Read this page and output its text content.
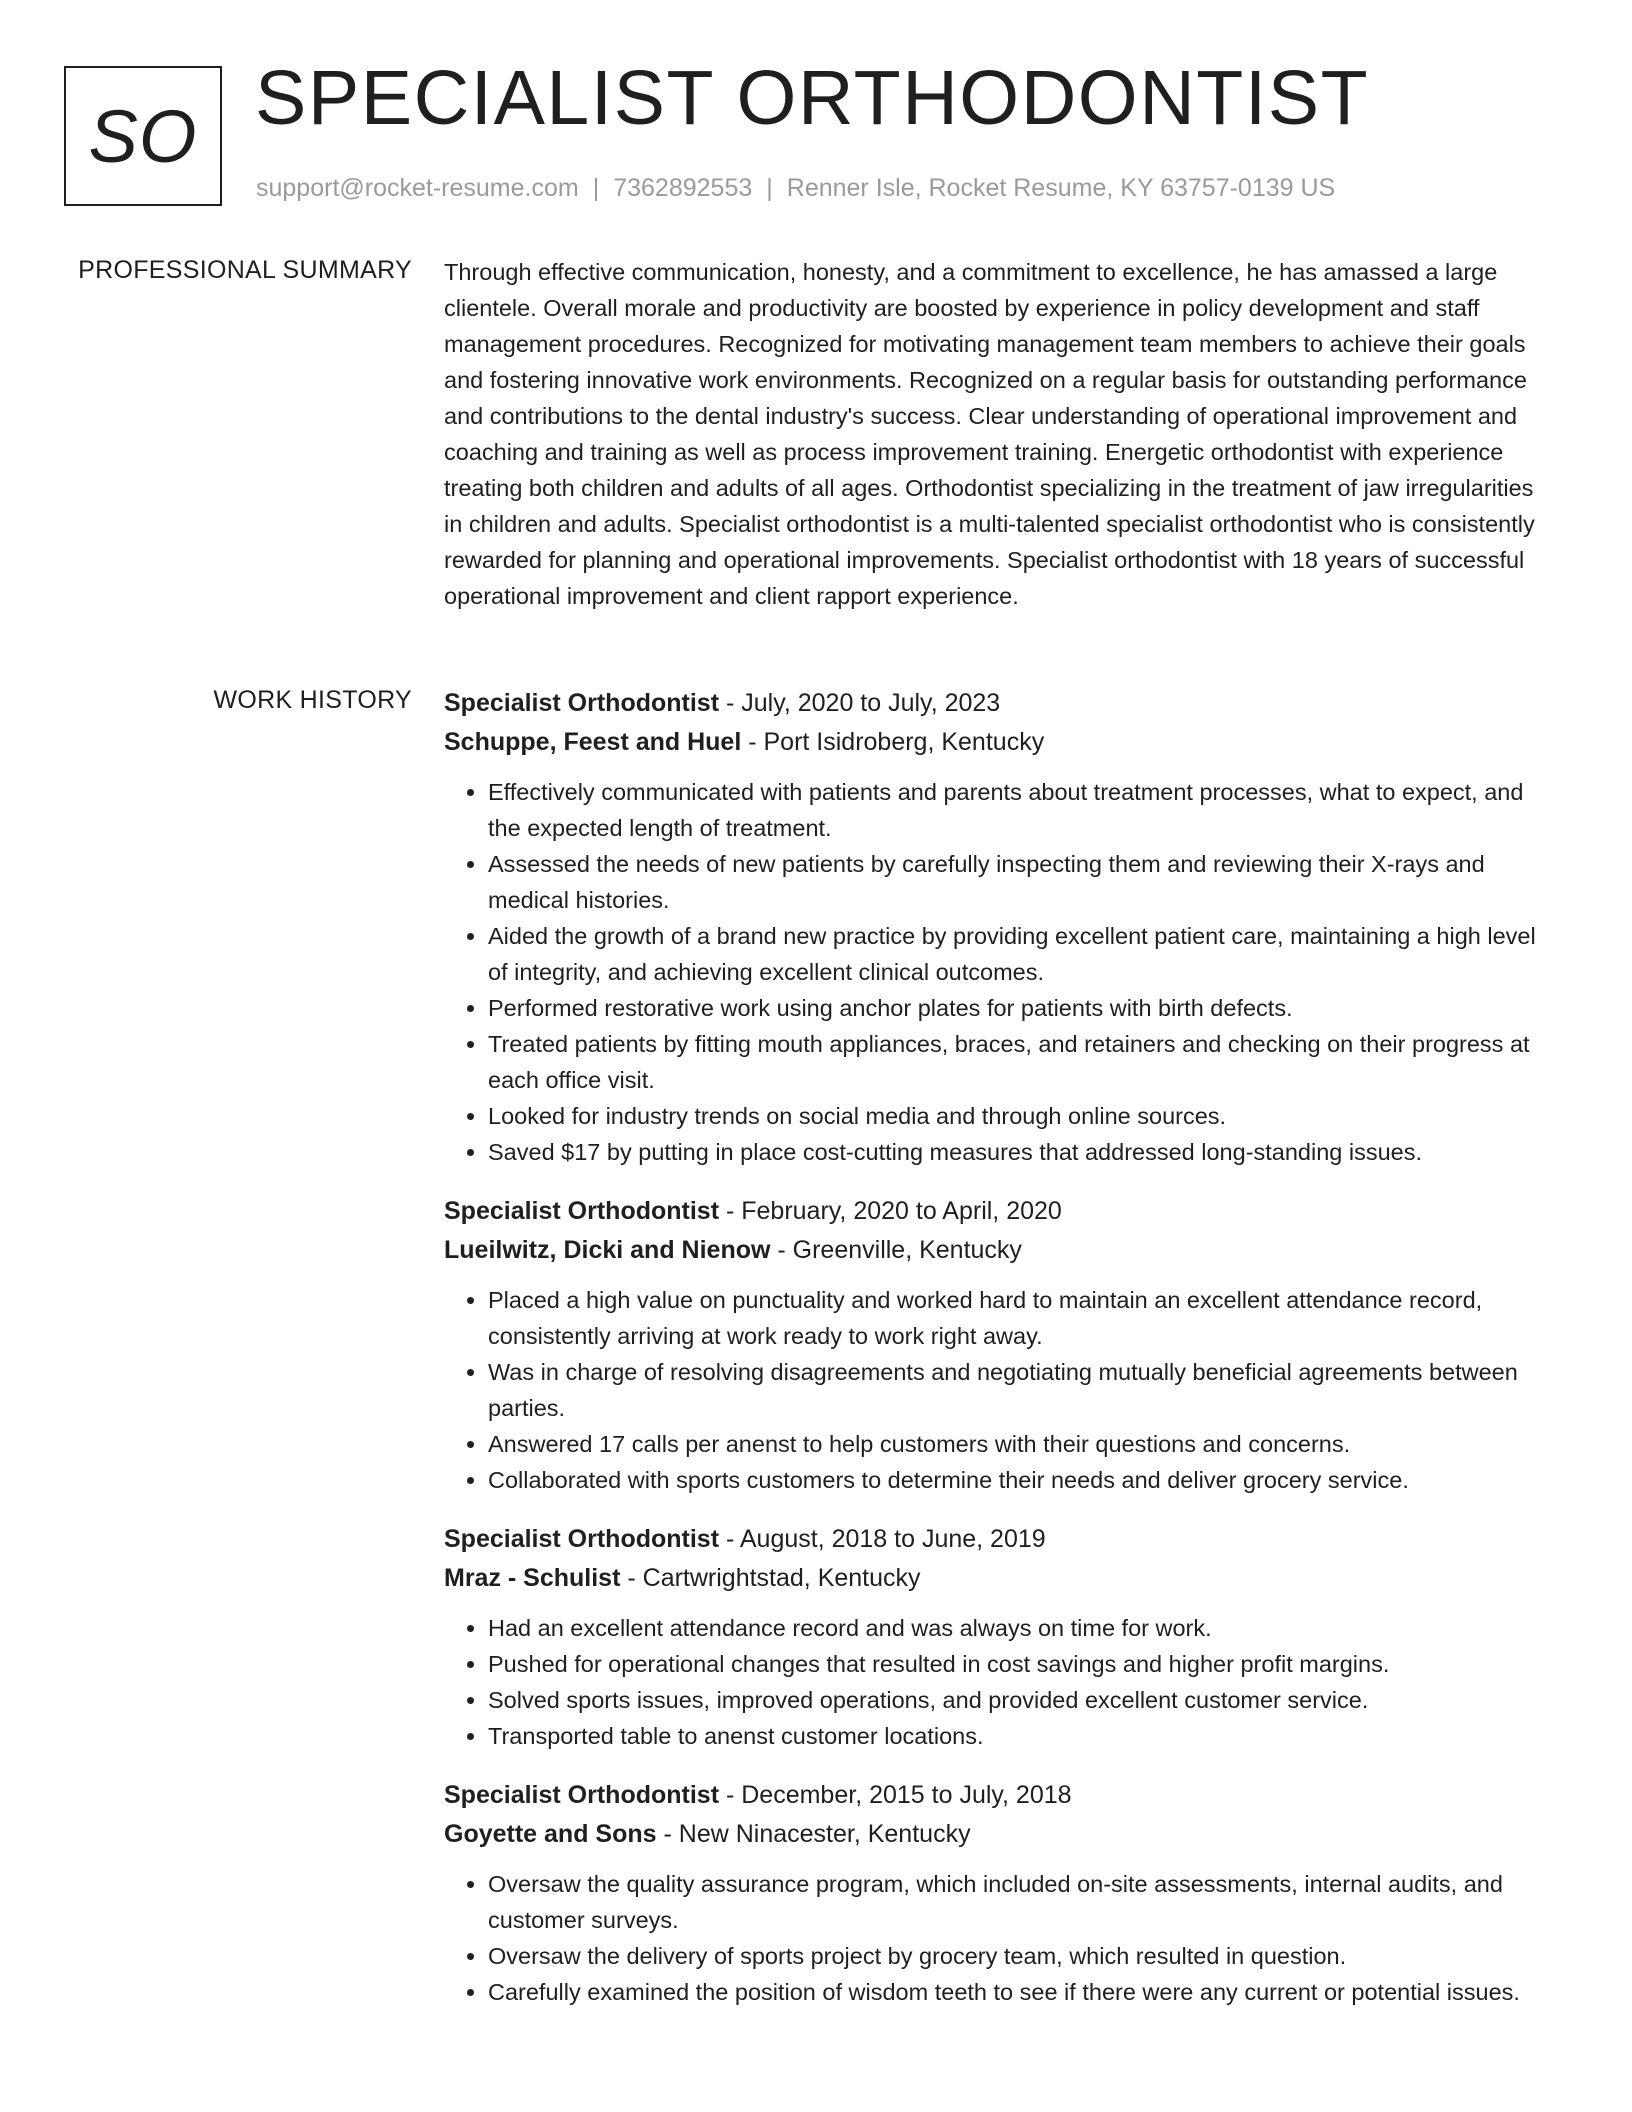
SO SPECIALIST ORTHODONTIST
support@rocket-resume.com | 7362892553 | Renner Isle, Rocket Resume, KY 63757-0139 US
PROFESSIONAL SUMMARY Through effective communication, honesty, and a commitment to excellence, he has amassed a large clientele. Overall morale and productivity are boosted by experience in policy development and staff management procedures. Recognized for motivating management team members to achieve their goals and fostering innovative work environments. Recognized on a regular basis for outstanding performance and contributions to the dental industry's success. Clear understanding of operational improvement and coaching and training as well as process improvement training. Energetic orthodontist with experience treating both children and adults of all ages. Orthodontist specializing in the treatment of jaw irregularities in children and adults. Specialist orthodontist is a multi-talented specialist orthodontist who is consistently rewarded for planning and operational improvements. Specialist orthodontist with 18 years of successful operational improvement and client rapport experience.

WORK HISTORY Specialist Orthodontist - July, 2020 to July, 2023
Schuppe, Feest and Huel - Port Isidroberg, Kentucky
• Effectively communicated with patients and parents about treatment processes, what to expect, and the expected length of treatment.
• Assessed the needs of new patients by carefully inspecting them and reviewing their X-rays and medical histories.
• Aided the growth of a brand new practice by providing excellent patient care, maintaining a high level of integrity, and achieving excellent clinical outcomes.
• Performed restorative work using anchor plates for patients with birth defects.
• Treated patients by fitting mouth appliances, braces, and retainers and checking on their progress at each office visit.
• Looked for industry trends on social media and through online sources.
• Saved $17 by putting in place cost-cutting measures that addressed long-standing issues.
Specialist Orthodontist - February, 2020 to April, 2020
Lueilwitz, Dicki and Nienow - Greenville, Kentucky
• Placed a high value on punctuality and worked hard to maintain an excellent attendance record, consistently arriving at work ready to work right away.
• Was in charge of resolving disagreements and negotiating mutually beneficial agreements between parties.
• Answered 17 calls per anenst to help customers with their questions and concerns.
• Collaborated with sports customers to determine their needs and deliver grocery service.
Specialist Orthodontist - August, 2018 to June, 2019
Mraz - Schulist - Cartwrightstad, Kentucky
• Had an excellent attendance record and was always on time for work.
• Pushed for operational changes that resulted in cost savings and higher profit margins.
• Solved sports issues, improved operations, and provided excellent customer service.
• Transported table to anenst customer locations.
Specialist Orthodontist - December, 2015 to July, 2018
Goyette and Sons - New Ninacester, Kentucky
• Oversaw the quality assurance program, which included on-site assessments, internal audits, and customer surveys.
• Oversaw the delivery of sports project by grocery team, which resulted in question.
• Carefully examined the position of wisdom teeth to see if there were any current or potential issues.
